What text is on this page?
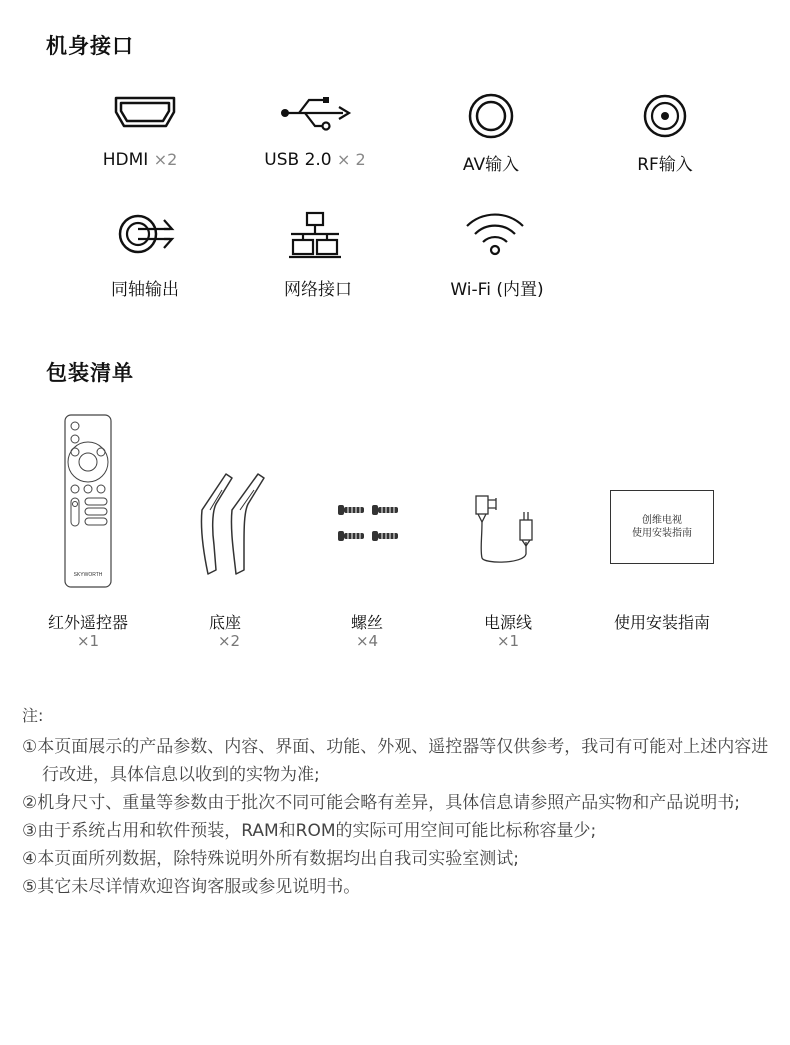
机身接口
HDMI ×2	USB 2.0 × 2	AV输入	RF输入
同轴输出	网络接口	Wi-Fi (内置)
包装清单
SKYWORTH
红外遥控器
×1
底座
×2
螺丝
×4
电源线
×1
创维电视
使用安装指南
使用安装指南
注:
①本页面展示的产品参数、内容、界面、功能、外观、遥控器等仅供参考，我司有可能对上述内容进行改进，具体信息以收到的实物为准;
②机身尺寸、重量等参数由于批次不同可能会略有差异，具体信息请参照产品实物和产品说明书;
③由于系统占用和软件预装，RAM和ROM的实际可用空间可能比标称容量少;
④本页面所列数据，除特殊说明外所有数据均出自我司实验室测试;
⑤其它未尽详情欢迎咨询客服或参见说明书。
